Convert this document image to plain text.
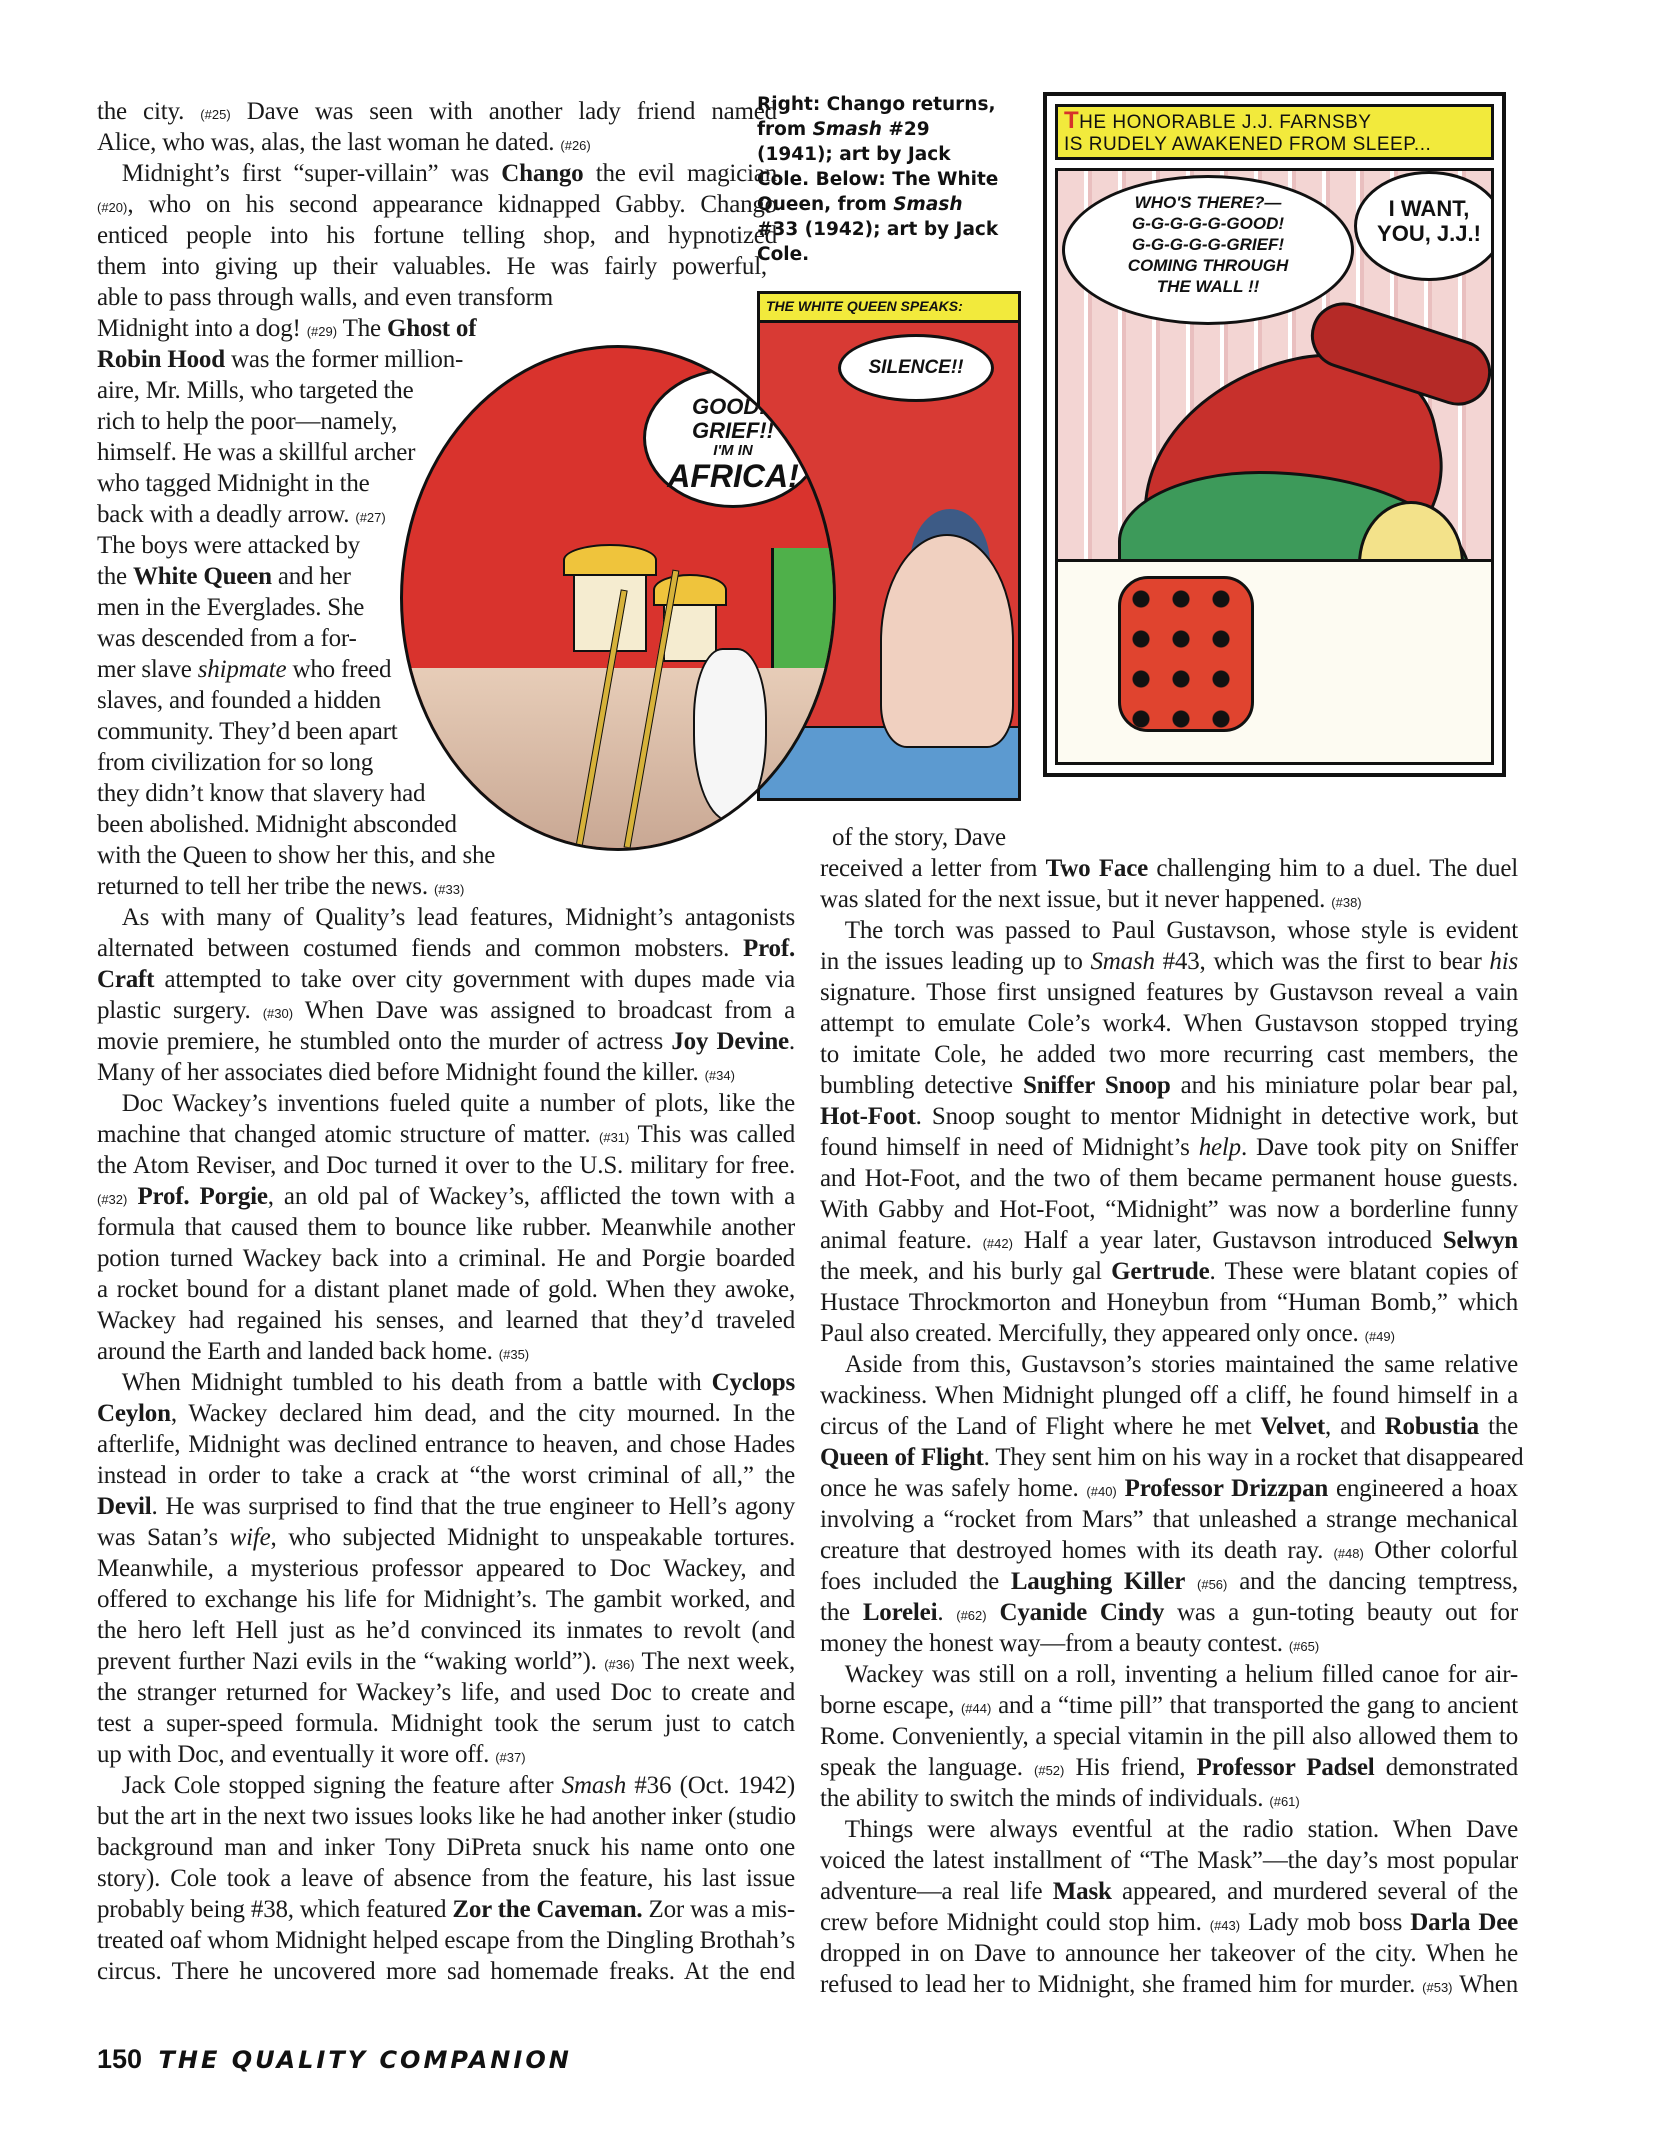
Right: Chango returns, from Smash #29 (1941); art by Jack Cole. Below: The White Queen, from Smash #33 (1942); art by Jack Cole.
THE HONORABLE J.J. FARNSBY
IS RUDELY AWAKENED FROM SLEEP...
WHO'S THERE?—
G-G-G-G-G-GOOD!
G-G-G-G-G-GRIEF!
COMING THROUGH
THE WALL !!
I WANT,
YOU, J.J.!
THE WHITE QUEEN SPEAKS:
SILENCE!!
GOOD!!
GRIEF!!
I'M IN
AFRICA!
the city. (#25) Dave was seen with another lady friend named
Alice, who was, alas, the last woman he dated. (#26)
 Midnight’s first “super-villain” was Chango the evil magician
(#20), who on his second appearance kidnapped Gabby. Chango
enticed people into his fortune telling shop, and hypnotized
them into giving up their valuables. He was fairly powerful,
able to pass through walls, and even transform
Midnight into a dog! (#29) The Ghost of
Robin Hood was the former million-
aire, Mr. Mills, who targeted the
rich to help the poor—namely,
himself. He was a skillful archer
who tagged Midnight in the
back with a deadly arrow. (#27)
The boys were attacked by
the White Queen and her
men in the Everglades. She
was descended from a for-
mer slave shipmate who freed
slaves, and founded a hidden
community. They’d been apart
from civilization for so long
they didn’t know that slavery had
been abolished. Midnight absconded
with the Queen to show her this, and she
returned to tell her tribe the news. (#33)
 As with many of Quality’s lead features, Midnight’s antagonists
alternated between costumed fiends and common mobsters. Prof.
Craft attempted to take over city government with dupes made via
plastic surgery. (#30) When Dave was assigned to broadcast from a
movie premiere, he stumbled onto the murder of actress Joy Devine.
Many of her associates died before Midnight found the killer. (#34)
 Doc Wackey’s inventions fueled quite a number of plots, like the
machine that changed atomic structure of matter. (#31) This was called
the Atom Reviser, and Doc turned it over to the U.S. military for free.
(#32) Prof. Porgie, an old pal of Wackey’s, afflicted the town with a
formula that caused them to bounce like rubber. Meanwhile another
potion turned Wackey back into a criminal. He and Porgie boarded
a rocket bound for a distant planet made of gold. When they awoke,
Wackey had regained his senses, and learned that they’d traveled
around the Earth and landed back home. (#35)
 When Midnight tumbled to his death from a battle with Cyclops
Ceylon, Wackey declared him dead, and the city mourned. In the
afterlife, Midnight was declined entrance to heaven, and chose Hades
instead in order to take a crack at “the worst criminal of all,” the
Devil. He was surprised to find that the true engineer to Hell’s agony
was Satan’s wife, who subjected Midnight to unspeakable tortures.
Meanwhile, a mysterious professor appeared to Doc Wackey, and
offered to exchange his life for Midnight’s. The gambit worked, and
the hero left Hell just as he’d convinced its inmates to revolt (and
prevent further Nazi evils in the “waking world”). (#36) The next week,
the stranger returned for Wackey’s life, and used Doc to create and
test a super-speed formula. Midnight took the serum just to catch
up with Doc, and eventually it wore off. (#37)
 Jack Cole stopped signing the feature after Smash #36 (Oct. 1942)
but the art in the next two issues looks like he had another inker (studio
background man and inker Tony DiPreta snuck his name onto one
story). Cole took a leave of absence from the feature, his last issue
probably being #38, which featured Zor the Caveman. Zor was a mis-
treated oaf whom Midnight helped escape from the Dingling Brothah’s
circus. There he uncovered more sad homemade freaks. At the end
of the story, Dave
received a letter from Two Face challenging him to a duel. The duel
was slated for the next issue, but it never happened. (#38)
 The torch was passed to Paul Gustavson, whose style is evident
in the issues leading up to Smash #43, which was the first to bear his
signature. Those first unsigned features by Gustavson reveal a vain
attempt to emulate Cole’s work4. When Gustavson stopped trying
to imitate Cole, he added two more recurring cast members, the
bumbling detective Sniffer Snoop and his miniature polar bear pal,
Hot-Foot. Snoop sought to mentor Midnight in detective work, but
found himself in need of Midnight’s help. Dave took pity on Sniffer
and Hot-Foot, and the two of them became permanent house guests.
With Gabby and Hot-Foot, “Midnight” was now a borderline funny
animal feature. (#42) Half a year later, Gustavson introduced Selwyn
the meek, and his burly gal Gertrude. These were blatant copies of
Hustace Throckmorton and Honeybun from “Human Bomb,” which
Paul also created. Mercifully, they appeared only once. (#49)
 Aside from this, Gustavson’s stories maintained the same relative
wackiness. When Midnight plunged off a cliff, he found himself in a
circus of the Land of Flight where he met Velvet, and Robustia the
Queen of Flight. They sent him on his way in a rocket that disappeared
once he was safely home. (#40) Professor Drizzpan engineered a hoax
involving a “rocket from Mars” that unleashed a strange mechanical
creature that destroyed homes with its death ray. (#48) Other colorful
foes included the Laughing Killer (#56) and the dancing temptress,
the Lorelei. (#62) Cyanide Cindy was a gun-toting beauty out for
money the honest way—from a beauty contest. (#65)
 Wackey was still on a roll, inventing a helium filled canoe for air-
borne escape, (#44) and a “time pill” that transported the gang to ancient
Rome. Conveniently, a special vitamin in the pill also allowed them to
speak the language. (#52) His friend, Professor Padsel demonstrated
the ability to switch the minds of individuals. (#61)
 Things were always eventful at the radio station. When Dave
voiced the latest installment of “The Mask”—the day’s most popular
adventure—a real life Mask appeared, and murdered several of the
crew before Midnight could stop him. (#43) Lady mob boss Darla Dee
dropped in on Dave to announce her takeover of the city. When he
refused to lead her to Midnight, she framed him for murder. (#53) When
150 THE QUALITY COMPANION
